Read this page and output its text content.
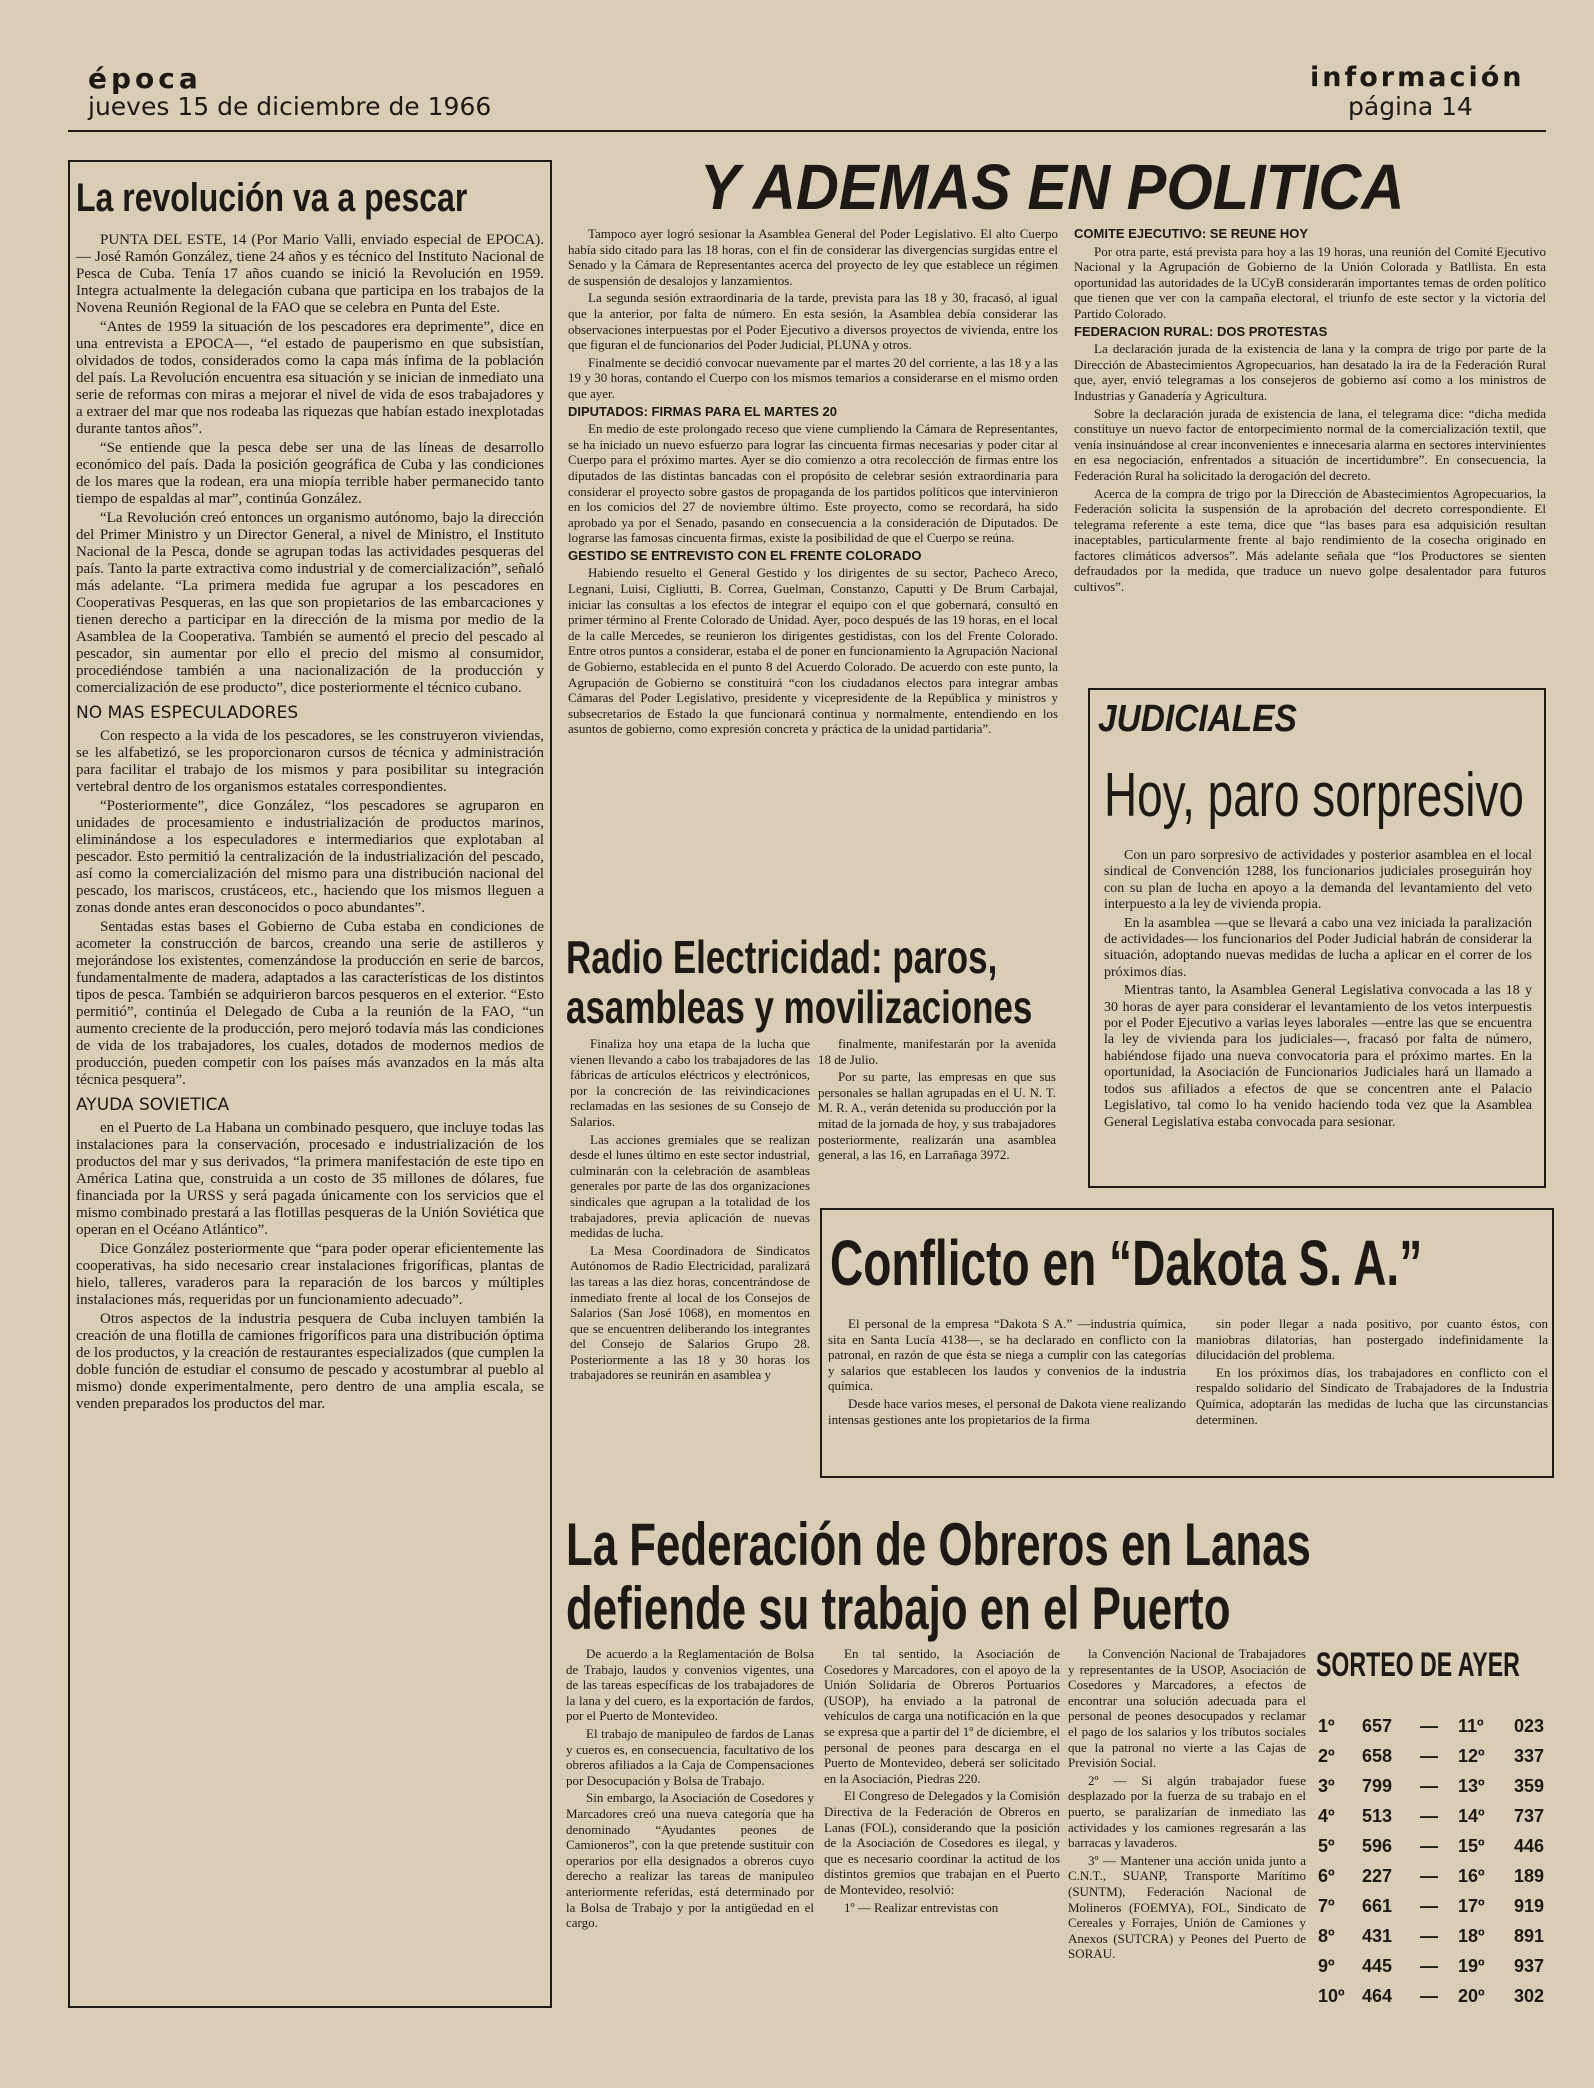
época
jueves 15 de diciembre de 1966
información
página 14
La revolución va a pescar

PUNTA DEL ESTE, 14 (Por Mario Valli, enviado especial de EPOCA). — José Ramón González, tiene 24 años y es técnico del Instituto Nacional de Pesca de Cuba. Tenía 17 años cuando se inició la Revolución en 1959. Integra actualmente la delegación cubana que participa en los trabajos de la Novena Reunión Regional de la FAO que se celebra en Punta del Este.

“Antes de 1959 la situación de los pescadores era deprimente”, dice en una entrevista a EPOCA—, “el estado de pauperismo en que subsistían, olvidados de todos, considerados como la capa más ínfima de la población del país. La Revolución encuentra esa situación y se inician de inmediato una serie de reformas con miras a mejorar el nivel de vida de esos trabajadores y a extraer del mar que nos rodeaba las riquezas que habían estado inexplotadas durante tantos años”.

“Se entiende que la pesca debe ser una de las líneas de desarrollo económico del país. Dada la posición geográfica de Cuba y las condiciones de los mares que la rodean, era una miopía terrible haber permanecido tanto tiempo de espaldas al mar”, continúa González.

“La Revolución creó entonces un organismo autónomo, bajo la dirección del Primer Ministro y un Director General, a nivel de Ministro, el Instituto Nacional de la Pesca, donde se agrupan todas las actividades pesqueras del país. Tanto la parte extractiva como industrial y de comercialización”, señaló más adelante. “La primera medida fue agrupar a los pescadores en Cooperativas Pesqueras, en las que son propietarios de las embarcaciones y tienen derecho a participar en la dirección de la misma por medio de la Asamblea de la Cooperativa. También se aumentó el precio del pescado al pescador, sin aumentar por ello el precio del mismo al consumidor, procediéndose también a una nacionalización de la producción y comercialización de ese producto”, dice posteriormente el técnico cubano.

NO MAS ESPECULADORES

Con respecto a la vida de los pescadores, se les construyeron viviendas, se les alfabetizó, se les proporcionaron cursos de técnica y administración para facilitar el trabajo de los mismos y para posibilitar su integración vertebral dentro de los organismos estatales correspondientes.

“Posteriormente”, dice González, “los pescadores se agruparon en unidades de procesamiento e industrialización de productos marinos, eliminándose a los especuladores e intermediarios que explotaban al pescador. Esto permitió la centralización de la industrialización del pescado, así como la comercialización del mismo para una distribución nacional del pescado, los mariscos, crustáceos, etc., haciendo que los mismos lleguen a zonas donde antes eran desconocidos o poco abundantes”.

Sentadas estas bases el Gobierno de Cuba estaba en condiciones de acometer la construcción de barcos, creando una serie de astilleros y mejorándose los existentes, comenzándose la producción en serie de barcos, fundamentalmente de madera, adaptados a las características de los distintos tipos de pesca. También se adquirieron barcos pesqueros en el exterior. “Esto permitió”, continúa el Delegado de Cuba a la reunión de la FAO, “un aumento creciente de la producción, pero mejoró todavía más las condiciones de vida de los trabajadores, los cuales, dotados de modernos medios de producción, pueden competir con los países más avanzados en la más alta técnica pesquera”.

AYUDA SOVIETICA

en el Puerto de La Habana un combinado pesquero, que incluye todas las instalaciones para la conservación, procesado e industrialización de los productos del mar y sus derivados, “la primera manifestación de este tipo en América Latina que, construida a un costo de 35 millones de dólares, fue financiada por la URSS y será pagada únicamente con los servicios que el mismo combinado prestará a las flotillas pesqueras de la Unión Soviética que operan en el Océano Atlántico”.

Dice González posteriormente que “para poder operar eficientemente las cooperativas, ha sido necesario crear instalaciones frigoríficas, plantas de hielo, talleres, varaderos para la reparación de los barcos y múltiples instalaciones más, requeridas por un funcionamiento adecuado”.

Otros aspectos de la industria pesquera de Cuba incluyen también la creación de una flotilla de camiones frigoríficos para una distribución óptima de los productos, y la creación de restaurantes especializados (que cumplen la doble función de estudiar el consumo de pescado y acostumbrar al pueblo al mismo) donde experimentalmente, pero dentro de una amplia escala, se venden preparados los productos del mar.

Y ADEMAS EN POLITICA

Tampoco ayer logró sesionar la Asamblea General del Poder Legislativo. El alto Cuerpo había sido citado para las 18 horas, con el fin de considerar las divergencias surgidas entre el Senado y la Cámara de Representantes acerca del proyecto de ley que establece un régimen de suspensión de desalojos y lanzamientos.

La segunda sesión extraordinaria de la tarde, prevista para las 18 y 30, fracasó, al igual que la anterior, por falta de número. En esta sesión, la Asamblea debía considerar las observaciones interpuestas por el Poder Ejecutivo a diversos proyectos de vivienda, entre los que figuran el de funcionarios del Poder Judicial, PLUNA y otros.

Finalmente se decidió convocar nuevamente par el martes 20 del corriente, a las 18 y a las 19 y 30 horas, contando el Cuerpo con los mismos temarios a considerarse en el mismo orden que ayer.

DIPUTADOS: FIRMAS PARA EL MARTES 20

En medio de este prolongado receso que viene cumpliendo la Cámara de Representantes, se ha iniciado un nuevo esfuerzo para lograr las cincuenta firmas necesarias y poder citar al Cuerpo para el próximo martes. Ayer se dio comienzo a otra recolección de firmas entre los diputados de las distintas bancadas con el propósito de celebrar sesión extraordinaria para considerar el proyecto sobre gastos de propaganda de los partidos políticos que intervinieron en los comicios del 27 de noviembre último. Este proyecto, como se recordará, ha sido aprobado ya por el Senado, pasando en consecuencia a la consideración de Diputados. De lograrse las famosas cincuenta firmas, existe la posibilidad de que el Cuerpo se reúna.

GESTIDO SE ENTREVISTO CON EL FRENTE COLORADO

Habiendo resuelto el General Gestido y los dirigentes de su sector, Pacheco Areco, Legnani, Luisi, Cigliutti, B. Correa, Guelman, Constanzo, Caputti y De Brum Carbajal, iniciar las consultas a los efectos de integrar el equipo con el que gobernará, consultó en primer término al Frente Colorado de Unidad. Ayer, poco después de las 19 horas, en el local de la calle Mercedes, se reunieron los dirigentes gestidistas, con los del Frente Colorado. Entre otros puntos a considerar, estaba el de poner en funcionamiento la Agrupación Nacional de Gobierno, establecida en el punto 8 del Acuerdo Colorado. De acuerdo con este punto, la Agrupación de Gobierno se constituirá “con los ciudadanos electos para integrar ambas Cámaras del Poder Legislativo, presidente y vicepresidente de la República y ministros y subsecretarios de Estado la que funcionará continua y normalmente, entendiendo en los asuntos de gobierno, como expresión concreta y práctica de la unidad partidaria”.

COMITE EJECUTIVO: SE REUNE HOY

Por otra parte, está prevista para hoy a las 19 horas, una reunión del Comité Ejecutivo Nacional y la Agrupación de Gobierno de la Unión Colorada y Batllista. En esta oportunidad las autoridades de la UCyB considerarán importantes temas de orden político que tienen que ver con la campaña electoral, el triunfo de este sector y la victoria del Partido Colorado.

FEDERACION RURAL: DOS PROTESTAS

La declaración jurada de la existencia de lana y la compra de trigo por parte de la Dirección de Abastecimientos Agropecuarios, han desatado la ira de la Federación Rural que, ayer, envió telegramas a los consejeros de gobierno así como a los ministros de Industrias y Ganadería y Agricultura.

Sobre la declaración jurada de existencia de lana, el telegrama dice: “dicha medida constituye un nuevo factor de entorpecimiento normal de la comercialización textil, que venía insinuándose al crear inconvenientes e innecesaria alarma en sectores intervinientes en esa negociación, enfrentados a situación de incertidumbre”. En consecuencia, la Federación Rural ha solicitado la derogación del decreto.

Acerca de la compra de trigo por la Dirección de Abastecimientos Agropecuarios, la Federación solicita la suspensión de la aprobación del decreto correspondiente. El telegrama referente a este tema, dice que “las bases para esa adquisición resultan inaceptables, particularmente frente al bajo rendimiento de la cosecha originado en factores climáticos adversos”. Más adelante señala que “los Productores se sienten defraudados por la medida, que traduce un nuevo golpe desalentador para futuros cultivos”.

JUDICIALES
Hoy, paro sorpresivo

Con un paro sorpresivo de actividades y posterior asamblea en el local sindical de Convención 1288, los funcionarios judiciales proseguirán hoy con su plan de lucha en apoyo a la demanda del levantamiento del veto interpuesto a la ley de vivienda propia.

En la asamblea —que se llevará a cabo una vez iniciada la paralización de actividades— los funcionarios del Poder Judicial habrán de considerar la situación, adoptando nuevas medidas de lucha a aplicar en el correr de los próximos días.

Mientras tanto, la Asamblea General Legislativa convocada a las 18 y 30 horas de ayer para considerar el levantamiento de los vetos interpuestis por el Poder Ejecutivo a varias leyes laborales —entre las que se encuentra la ley de vivienda para los judiciales—, fracasó por falta de número, habiéndose fijado una nueva convocatoria para el próximo martes. En la oportunidad, la Asociación de Funcionarios Judiciales hará un llamado a todos sus afiliados a efectos de que se concentren ante el Palacio Legislativo, tal como lo ha venido haciendo toda vez que la Asamblea General Legislativa estaba convocada para sesionar.

Radio Electricidad: paros,
asambleas y movilizaciones

Finaliza hoy una etapa de la lucha que vienen llevando a cabo los trabajadores de las fábricas de artículos eléctricos y electrónicos, por la concreción de las reivindicaciones reclamadas en las sesiones de su Consejo de Salarios.

Las acciones gremiales que se realizan desde el lunes último en este sector industrial, culminarán con la celebración de asambleas generales por parte de las dos organizaciones sindicales que agrupan a la totalidad de los trabajadores, previa aplicación de nuevas medidas de lucha.

La Mesa Coordinadora de Sindicatos Autónomos de Radio Electricidad, paralizará las tareas a las diez horas, concentrándose de inmediato frente al local de los Consejos de Salarios (San José 1068), en momentos en que se encuentren deliberando los integrantes del Consejo de Salarios Grupo 28. Posteriormente a las 18 y 30 horas los trabajadores se reunirán en asamblea y

finalmente, manifestarán por la avenida 18 de Julio.

Por su parte, las empresas en que sus personales se hallan agrupadas en el U. N. T. M. R. A., verán detenida su producción por la mitad de la jornada de hoy, y sus trabajadores posteriormente, realizarán una asamblea general, a las 16, en Larrañaga 3972.

Conflicto en “Dakota S. A.”

El personal de la empresa “Dakota S A.” —industria química, sita en Santa Lucía 4138—, se ha declarado en conflicto con la patronal, en razón de que ésta se niega a cumplir con las categorías y salarios que establecen los laudos y convenios de la industria química.

Desde hace varios meses, el personal de Dakota viene realizando intensas gestiones ante los propietarios de la firma

sin poder llegar a nada positivo, por cuanto éstos, con maniobras dilatorias, han postergado indefinidamente la dilucidación del problema.

En los próximos días, los trabajadores en conflicto con el respaldo solidario del Sindicato de Trabajadores de la Industria Química, adoptarán las medidas de lucha que las circunstancias determinen.

La Federación de Obreros en Lanas
defiende su trabajo en el Puerto

De acuerdo a la Reglamentación de Bolsa de Trabajo, laudos y convenios vigentes, una de las tareas específicas de los trabajadores de la lana y del cuero, es la exportación de fardos, por el Puerto de Montevideo.

El trabajo de manipuleo de fardos de Lanas y cueros es, en consecuencia, facultativo de los obreros afiliados a la Caja de Compensaciones por Desocupación y Bolsa de Trabajo.

Sin embargo, la Asociación de Cosedores y Marcadores creó una nueva categoría que ha denominado “Ayudantes peones de Camioneros”, con la que pretende sustituir con operarios por ella designados a obreros cuyo derecho a realizar las tareas de manipuleo anteriormente referidas, está determinado por la Bolsa de Trabajo y por la antigüedad en el cargo.

En tal sentido, la Asociación de Cosedores y Marcadores, con el apoyo de la Unión Solidaria de Obreros Portuarios (USOP), ha enviado a la patronal de vehículos de carga una notificación en la que se expresa que a partir del 1º de diciembre, el personal de peones para descarga en el Puerto de Montevideo, deberá ser solicitado en la Asociación, Piedras 220.

El Congreso de Delegados y la Comisión Directiva de la Federación de Obreros en Lanas (FOL), considerando que la posición de la Asociación de Cosedores es ilegal, y que es necesario coordinar la actitud de los distintos gremios que trabajan en el Puerto de Montevideo, resolvió:

1º — Realizar entrevistas con

la Convención Nacional de Trabajadores y representantes de la USOP, Asociación de Cosedores y Marcadores, a efectos de encontrar una solución adecuada para el personal de peones desocupados y reclamar el pago de los salarios y los tributos sociales que la patronal no vierte a las Cajas de Previsión Social.

2º — Si algún trabajador fuese desplazado por la fuerza de su trabajo en el puerto, se paralizarían de inmediato las actividades y los camiones regresarán a las barracas y lavaderos.

3º — Mantener una acción unida junto a C.N.T., SUANP, Transporte Marítimo (SUNTM), Federación Nacional de Molineros (FOEMYA), FOL, Sindicato de Cereales y Forrajes, Unión de Camiones y Anexos (SUTCRA) y Peones del Puerto de SORAU.

SORTEO DE AYER
1º 657 — 11º 023
2º 658 — 12º 337
3º 799 — 13º 359
4º 513 — 14º 737
5º 596 — 15º 446
6º 227 — 16º 189
7º 661 — 17º 919
8º 431 — 18º 891
9º 445 — 19º 937
10º 464 — 20º 302
